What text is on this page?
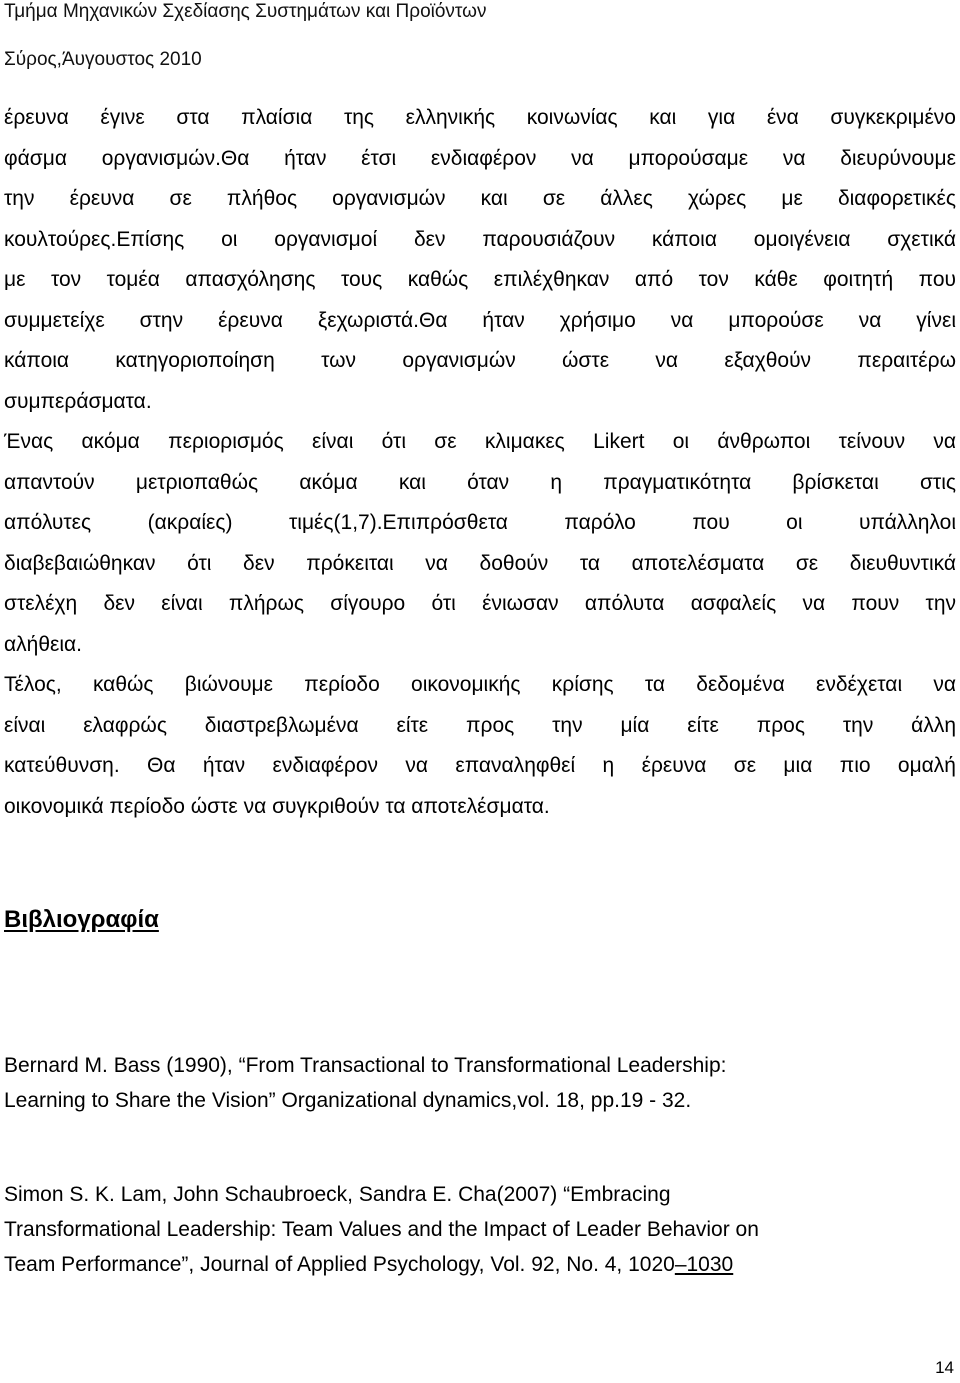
Τμήμα Μηχανικών Σχεδίασης Συστημάτων και Προϊόντων
Σύρος,Άυγουστος 2010
έρευνα έγινε στα πλαίσια της ελληνικής κοινωνίας και για ένα συγκεκριμένο
φάσμα οργανισμών.Θα ήταν έτσι ενδιαφέρον να μπορούσαμε να διευρύνουμε
την έρευνα σε πλήθος οργανισμών και σε άλλες χώρες με διαφορετικές
κουλτούρες.Επίσης οι οργανισμοί δεν παρουσιάζουν κάποια ομοιγένεια σχετικά
με τον τομέα απασχόλησης τους καθώς επιλέχθηκαν από τον κάθε φοιτητή που
συμμετείχε στην έρευνα ξεχωριστά.Θα ήταν χρήσιμο να μπορούσε να γίνει
κάποια κατηγοριοποίηση των οργανισμών ώστε να εξαχθούν περαιτέρω
συμπεράσματα.
Ένας ακόμα περιορισμός είναι ότι σε κλιμακες Likert οι άνθρωποι τείνουν να
απαντούν μετριοπαθώς ακόμα και όταν η πραγματικότητα βρίσκεται στις
απόλυτες (ακραίες) τιμές(1,7).Επιπρόσθετα παρόλο που οι υπάλληλοι
διαβεβαιώθηκαν ότι δεν πρόκειται να δοθούν τα αποτελέσματα σε διευθυντικά
στελέχη δεν είναι πλήρως σίγουρο ότι ένιωσαν απόλυτα ασφαλείς να πουν την
αλήθεια.
Τέλος, καθώς βιώνουμε περίοδο οικονομικής κρίσης τα δεδομένα ενδέχεται να
είναι ελαφρώς διαστρεβλωμένα είτε προς την μία είτε προς την άλλη
κατεύθυνση. Θα ήταν ενδιαφέρον να επαναληφθεί η έρευνα σε μια πιο ομαλή
οικονομικά περίοδο ώστε να συγκριθούν τα αποτελέσματα.
Βιβλιογραφία
Bernard M. Bass (1990), “From Transactional to Transformational Leadership:
Learning to Share the Vision” Organizational dynamics,vol. 18, pp.19 - 32.
Simon S. K. Lam, John Schaubroeck, Sandra E. Cha(2007) “Embracing
Transformational Leadership: Team Values and the Impact of Leader Behavior on
Team Performance”, Journal of Applied Psychology, Vol. 92, No. 4, 1020–1030
14
